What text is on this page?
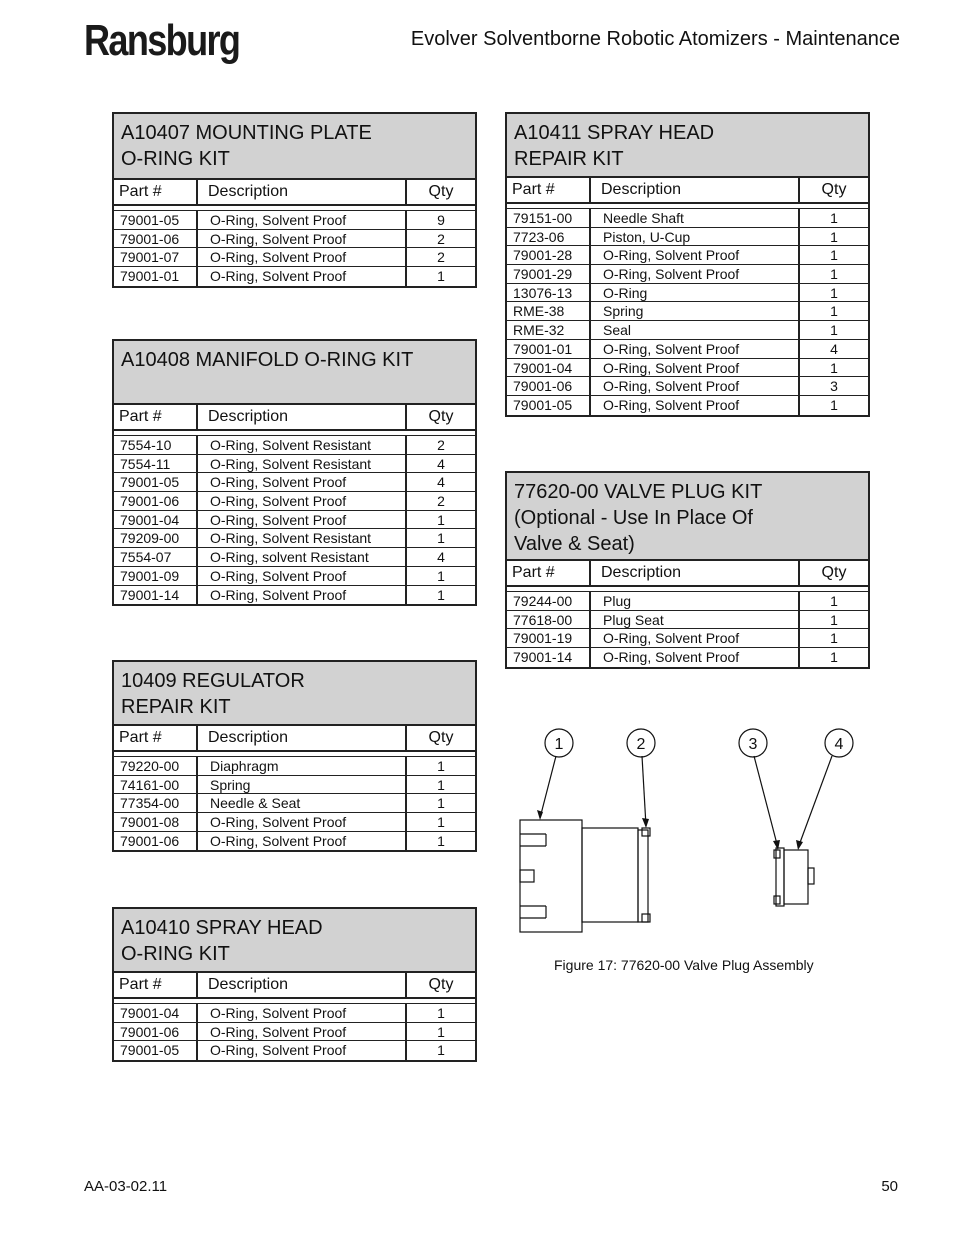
Ransburg	Evolver Solventborne Robotic Atomizers - Maintenance
A10407 MOUNTING PLATE
O-RING KIT
Part #	Description	Qty
79001-05	O-Ring, Solvent Proof	9
79001-06	O-Ring, Solvent Proof	2
79001-07	O-Ring, Solvent Proof	2
79001-01	O-Ring, Solvent Proof	1
A10408 MANIFOLD O-RING KIT
Part #	Description	Qty
7554-10	O-Ring, Solvent Resistant	2
7554-11	O-Ring, Solvent Resistant	4
79001-05	O-Ring, Solvent Proof	4
79001-06	O-Ring, Solvent Proof	2
79001-04	O-Ring, Solvent Proof	1
79209-00	O-Ring, Solvent Resistant	1
7554-07	O-Ring, solvent Resistant	4
79001-09	O-Ring, Solvent Proof	1
79001-14	O-Ring, Solvent Proof	1
10409 REGULATOR
REPAIR KIT
Part #	Description	Qty
79220-00	Diaphragm	1
74161-00	Spring	1
77354-00	Needle & Seat	1
79001-08	O-Ring, Solvent Proof	1
79001-06	O-Ring, Solvent Proof	1
A10410 SPRAY HEAD
O-RING KIT
Part #	Description	Qty
79001-04	O-Ring, Solvent Proof	1
79001-06	O-Ring, Solvent Proof	1
79001-05	O-Ring, Solvent Proof	1
A10411 SPRAY HEAD
REPAIR KIT
Part #	Description	Qty
79151-00	Needle Shaft	1
7723-06	Piston, U-Cup	1
79001-28	O-Ring, Solvent Proof	1
79001-29	O-Ring, Solvent Proof	1
13076-13	O-Ring	1
RME-38	Spring	1
RME-32	Seal	1
79001-01	O-Ring, Solvent Proof	4
79001-04	O-Ring, Solvent Proof	1
79001-06	O-Ring, Solvent Proof	3
79001-05	O-Ring, Solvent Proof	1
77620-00 VALVE PLUG KIT
(Optional - Use In Place Of
Valve & Seat)
Part #	Description	Qty
79244-00	Plug	1
77618-00	Plug Seat	1
79001-19	O-Ring, Solvent Proof	1
79001-14	O-Ring, Solvent Proof	1
1	2	3	4
Figure 17: 77620-00 Valve Plug Assembly
AA-03-02.11	50
